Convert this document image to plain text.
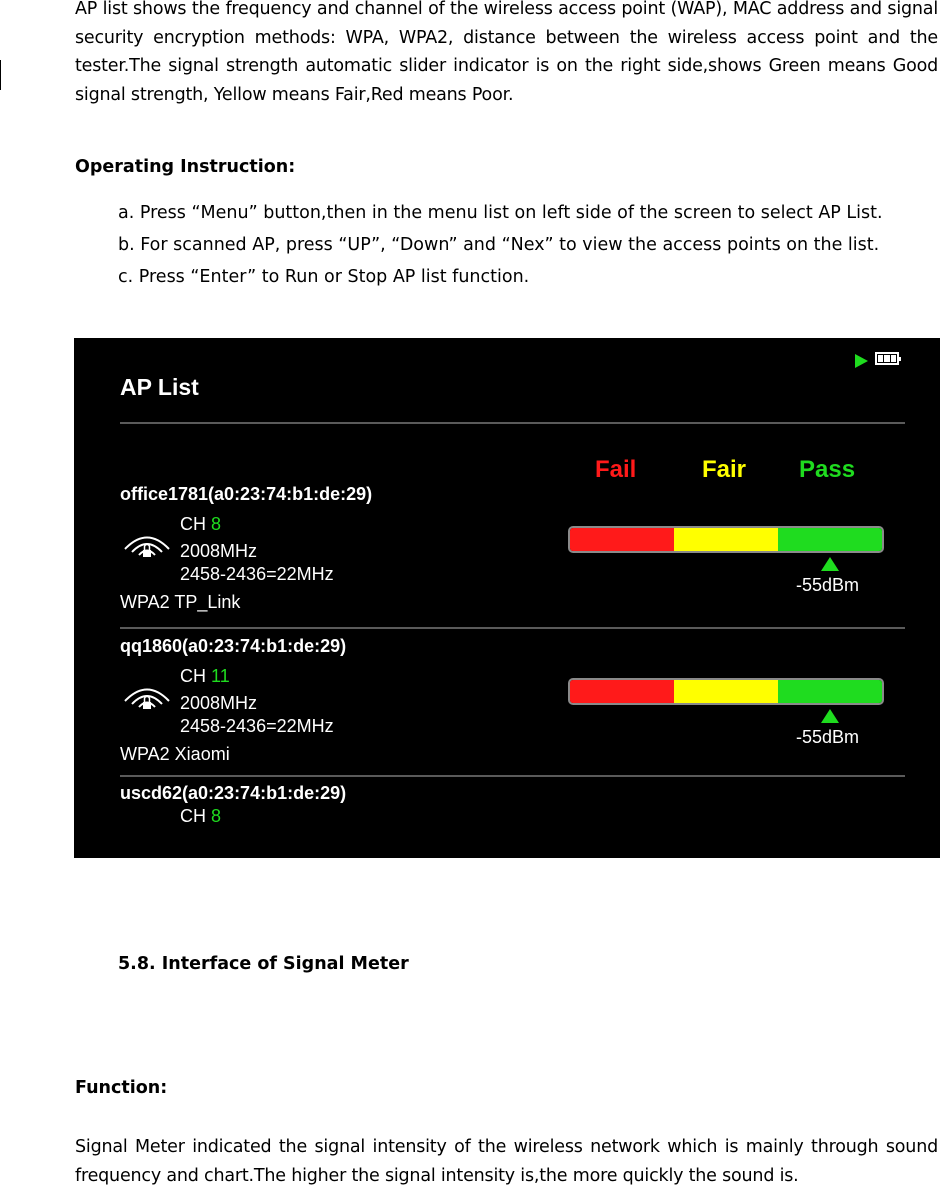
AP list shows the frequency and channel of the wireless access point (WAP), MAC address and signal security encryption methods: WPA, WPA2, distance between the wireless access point and the tester.The signal strength automatic slider indicator is on the right side,shows Green means Good signal strength, Yellow means Fair,Red means Poor.

Operating Instruction:
a. Press “Menu” button,then in the menu list on left side of the screen to select AP List.
b. For scanned AP, press “UP”, “Down” and “Nex” to view the access points on the list.
c. Press “Enter” to Run or Stop AP list function.
AP List
Fail	Fair Pass
office1781(a0:23:74:b1:de:29)
CH 8
2008MHz
2458-2436=22MHz
WPA2 TP_Link
-55dBm
qq1860(a0:23:74:b1:de:29)
CH 11
2008MHz
2458-2436=22MHz
WPA2 Xiaomi
-55dBm
uscd62(a0:23:74:b1:de:29)
CH 8
5.8. Interface of Signal Meter
Function:

Signal Meter indicated the signal intensity of the wireless network which is mainly through sound frequency and chart.The higher the signal intensity is,the more quickly the sound is.
